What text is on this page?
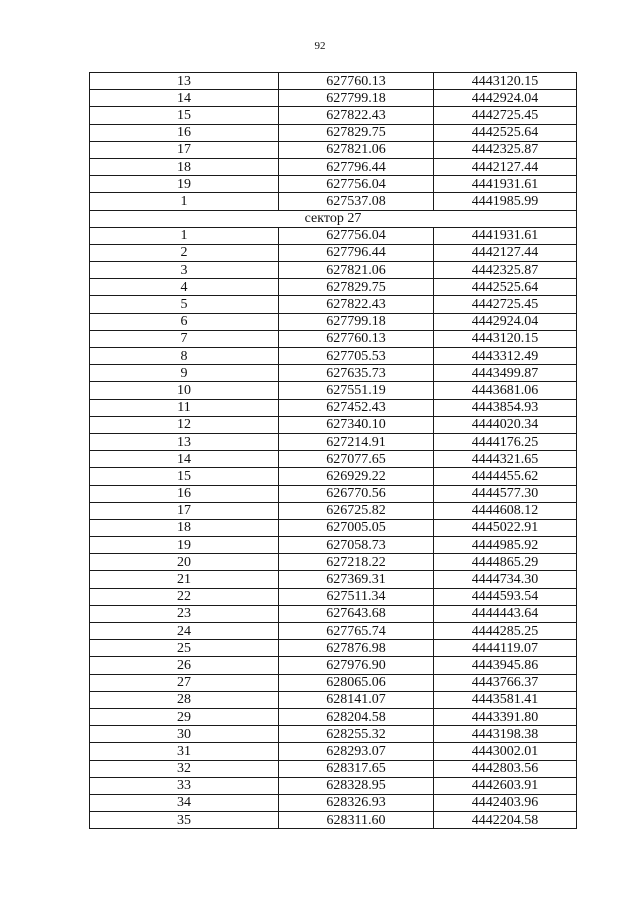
92
13	627760.13	4443120.15
14	627799.18	4442924.04
15	627822.43	4442725.45
16	627829.75	4442525.64
17	627821.06	4442325.87
18	627796.44	4442127.44
19	627756.04	4441931.61
1	627537.08	4441985.99
сектор 27		
1	627756.04	4441931.61
2	627796.44	4442127.44
3	627821.06	4442325.87
4	627829.75	4442525.64
5	627822.43	4442725.45
6	627799.18	4442924.04
7	627760.13	4443120.15
8	627705.53	4443312.49
9	627635.73	4443499.87
10	627551.19	4443681.06
11	627452.43	4443854.93
12	627340.10	4444020.34
13	627214.91	4444176.25
14	627077.65	4444321.65
15	626929.22	4444455.62
16	626770.56	4444577.30
17	626725.82	4444608.12
18	627005.05	4445022.91
19	627058.73	4444985.92
20	627218.22	4444865.29
21	627369.31	4444734.30
22	627511.34	4444593.54
23	627643.68	4444443.64
24	627765.74	4444285.25
25	627876.98	4444119.07
26	627976.90	4443945.86
27	628065.06	4443766.37
28	628141.07	4443581.41
29	628204.58	4443391.80
30	628255.32	4443198.38
31	628293.07	4443002.01
32	628317.65	4442803.56
33	628328.95	4442603.91
34	628326.93	4442403.96
35	628311.60	4442204.58
